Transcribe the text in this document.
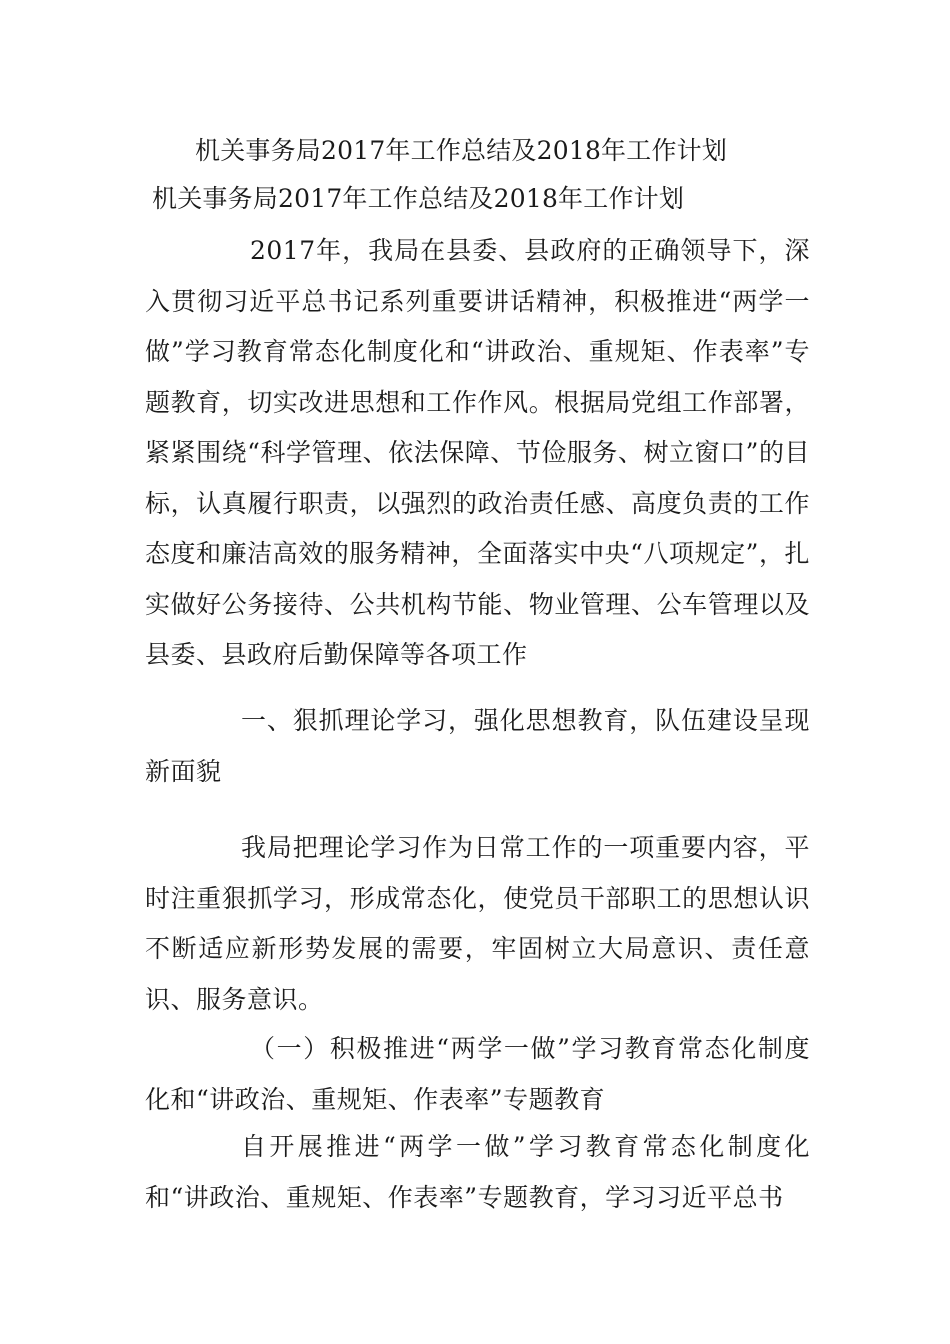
机关事务局2017年工作总结及2018年工作计划
机关事务局2017年工作总结及2018年工作计划

2017年，我局在县委、县政府的正确领导下，深入贯彻习近平总书记系列重要讲话精神，积极推进“两学一做”学习教育常态化制度化和“讲政治、重规矩、作表率”专题教育，切实改进思想和工作作风。根据局党组工作部署，紧紧围绕“科学管理、依法保障、节俭服务、树立窗口”的目标，认真履行职责，以强烈的政治责任感、高度负责的工作态度和廉洁高效的服务精神，全面落实中央“八项规定”，扎实做好公务接待、公共机构节能、物业管理、公车管理以及县委、县政府后勤保障等各项工作

一、狠抓理论学习，强化思想教育，队伍建设呈现新面貌

我局把理论学习作为日常工作的一项重要内容，平时注重狠抓学习，形成常态化，使党员干部职工的思想认识不断适应新形势发展的需要，牢固树立大局意识、责任意识、服务意识。

（一）积极推进“两学一做”学习教育常态化制度化和“讲政治、重规矩、作表率”专题教育

自开展推进“两学一做”学习教育常态化制度化和“讲政治、重规矩、作表率”专题教育，学习习近平总书
